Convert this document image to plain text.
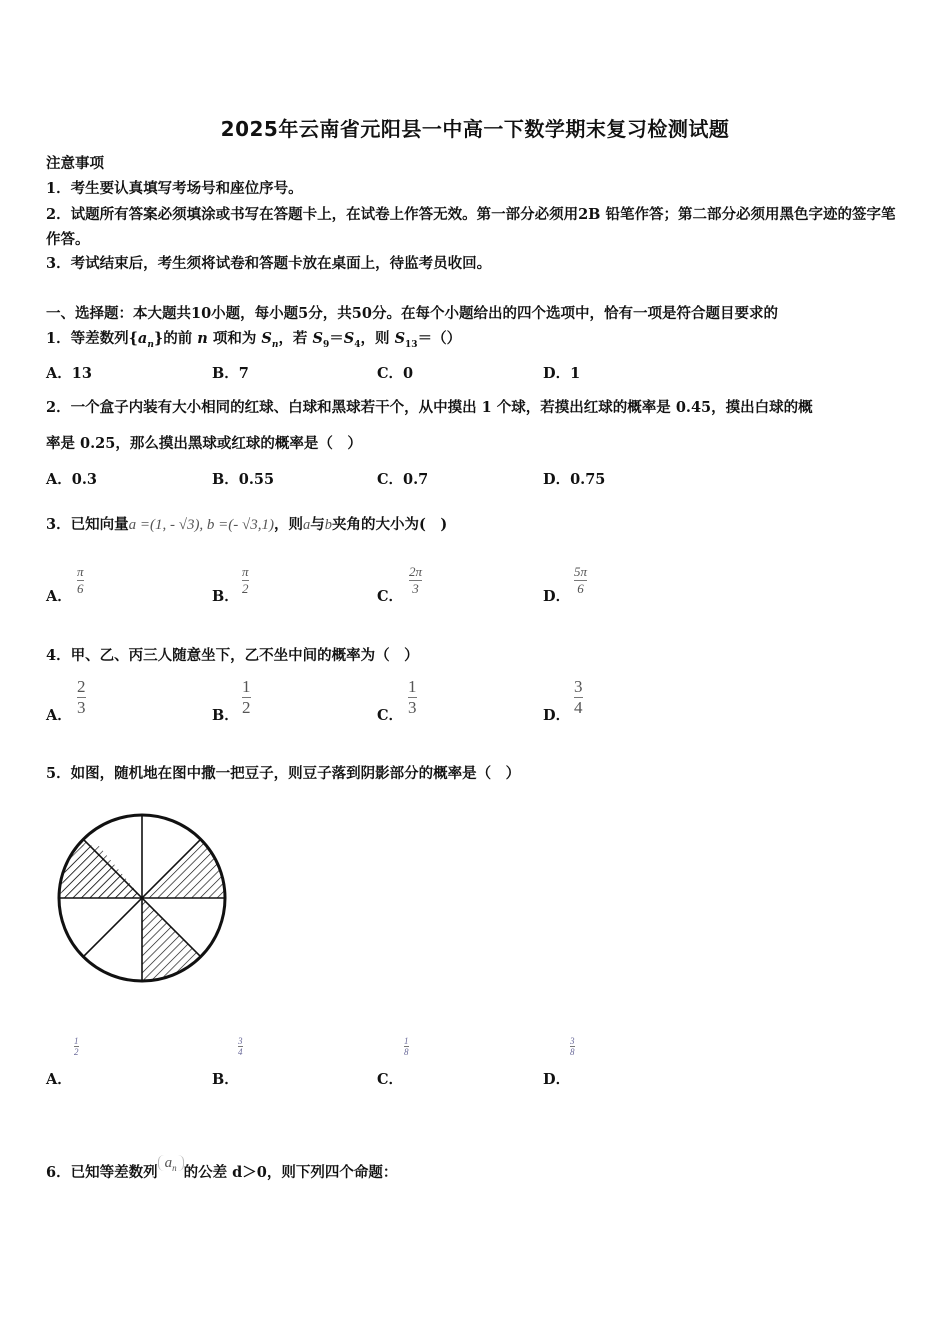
2025年云南省元阳县一中高一下数学期末复习检测试题
注意事项
1．考生要认真填写考场号和座位序号。
2．试题所有答案必须填涂或书写在答题卡上，在试卷上作答无效。第一部分必须用2B 铅笔作答；第二部分必须用黑色字迹的签字笔作答。
3．考试结束后，考生须将试卷和答题卡放在桌面上，待监考员收回。
一、选择题：本大题共10小题，每小题5分，共50分。在每个小题给出的四个选项中，恰有一项是符合题目要求的
1．等差数列$\{a_n\}$的前 n 项和为 $S_n$，若 $S_9=S_4$，则 $S_{13}=()$
A．13	B．7	C．0	D．1
2．一个盒子内装有大小相同的红球、白球和黑球若干个，从中摸出 1 个球，若摸出红球的概率是 0.45，摸出白球的概
率是 0.25，那么摸出黑球或红球的概率是（　）
A．0.3	B．0.55	C．0.7	D．0.75
3．已知向量a =(1, - √3), b =(- √3,1)，则a与b夹角的大小为(　)
A．
π
6	B．
π
2	C．
2π
3	D．
5π
6
4．甲、乙、丙三人随意坐下，乙不坐中间的概率为（　）
A．
2
3	B．
1
2	C．
1
3	D．
3
4
5．如图，随机地在图中撒一把豆子，则豆子落到阴影部分的概率是（　）
A．
1
2
B．
3
4
C．
1
8
D．
3
8
6．已知等差数列$a_n$ 的公差 d＞0，则下列四个命题：
